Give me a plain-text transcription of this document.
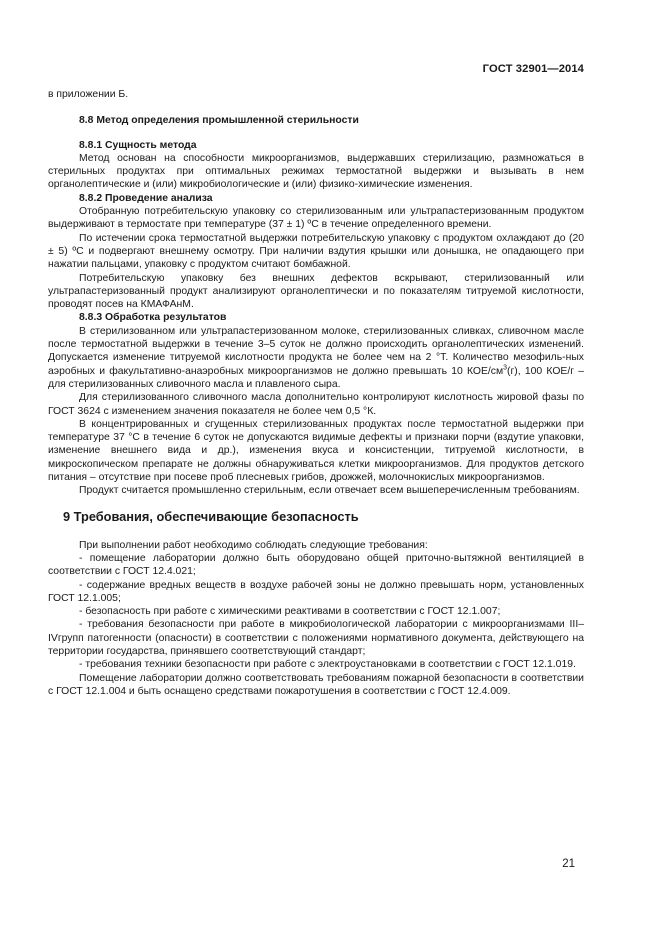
ГОСТ 32901—2014

в приложении Б.

8.8 Метод определения промышленной стерильности

8.8.1 Сущность метода

Метод основан на способности микроорганизмов, выдержавших стерилизацию, размножаться в стерильных продуктах при оптимальных режимах термостатной выдержки и вызывать в нем органолептические и (или) микробиологические и (или) физико-химические изменения.

8.8.2 Проведение анализа

Отобранную потребительскую упаковку со стерилизованным или ультрапастеризованным продуктом выдерживают в термостате при температуре (37 ± 1) ºС в течение определенного времени.

По истечении срока термостатной выдержки потребительскую упаковку с продуктом охлаждают до (20 ± 5) ºС и подвергают внешнему осмотру. При наличии вздутия крышки или донышка, не опадающего при нажатии пальцами, упаковку с продуктом считают бомбажной.

Потребительскую упаковку без внешних дефектов вскрывают, стерилизованный или ультрапастеризованный продукт анализируют органолептически и по показателям титруемой кислотности, проводят посев на КМАФАнМ.

8.8.3 Обработка результатов

В стерилизованном или ультрапастеризованном молоке, стерилизованных сливках, сливочном масле после термостатной выдержки в течение 3–5 суток не должно происходить органолептических изменений. Допускается изменение титруемой кислотности продукта не более чем на 2 °Т. Количество мезофиль-ных аэробных и факультативно-анаэробных микроорганизмов не должно превышать 10 КОЕ/$см^3(г)$, 100 КОЕ/г – для стерилизованных сливочного масла и плавленого сыра.

Для стерилизованного сливочного масла дополнительно контролируют кислотность жировой фазы по ГОСТ 3624 с изменением значения показателя не более чем 0,5 °К.

В концентрированных и сгущенных стерилизованных продуктах после термостатной выдержки при температуре 37 °С в течение 6 суток не допускаются видимые дефекты и признаки порчи (вздутие упаковки, изменение внешнего вида и др.), изменения вкуса и консистенции, титруемой кислотности, в микроскопическом препарате не должны обнаруживаться клетки микроорганизмов. Для продуктов детского питания – отсутствие при посеве проб плесневых грибов, дрожжей, молочнокислых микроорганизмов.

Продукт считается промышленно стерильным, если отвечает всем вышеперечисленным требованиям.

9 Требования, обеспечивающие безопасность

При выполнении работ необходимо соблюдать следующие требования:

- помещение лаборатории должно быть оборудовано общей приточно-вытяжной вентиляцией в соответствии с ГОСТ 12.4.021;

- содержание вредных веществ в воздухе рабочей зоны не должно превышать норм, установленных ГОСТ 12.1.005;

- безопасность при работе с химическими реактивами в соответствии с ГОСТ 12.1.007;

- требования безопасности при работе в микробиологической лаборатории с микроорганизмами III–IVгрупп патогенности (опасности) в соответствии с положениями нормативного документа, действующего на территории государства, принявшего соответствующий стандарт;

- требования техники безопасности при работе с электроустановками в соответствии с ГОСТ 12.1.019.

Помещение лаборатории должно соответствовать требованиям пожарной безопасности в соответствии с ГОСТ 12.1.004 и быть оснащено средствами пожаротушения в соответствии с ГОСТ 12.4.009.

21
